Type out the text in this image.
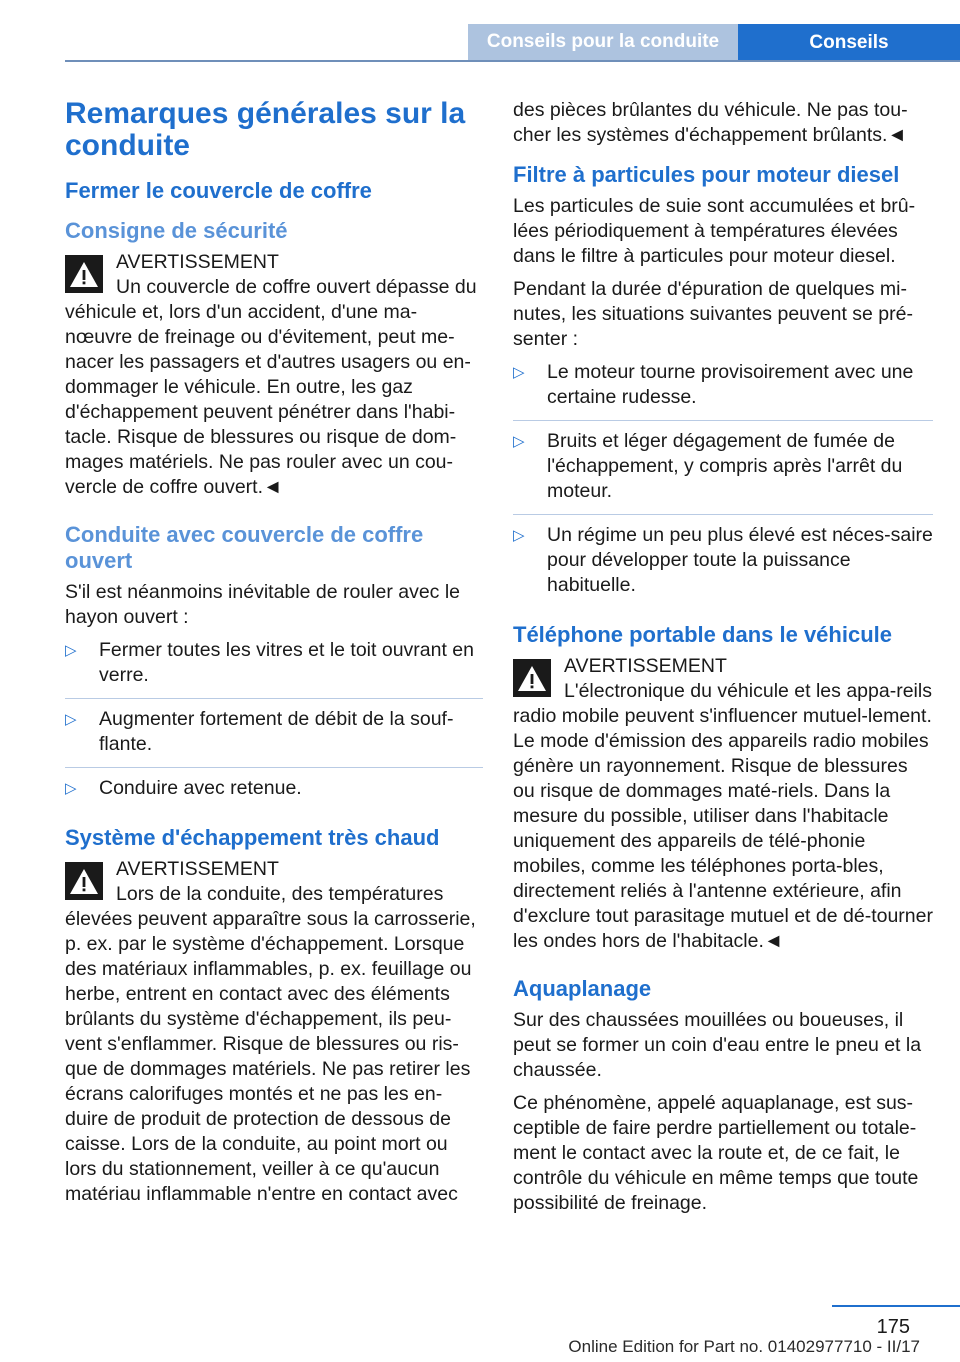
Conseils pour la conduite	Conseils
Remarques générales sur la conduite
Fermer le couvercle de coffre
Consigne de sécurité
AVERTISSEMENT
Un couvercle de coffre ouvert dépasse du véhicule et, lors d'un accident, d'une ma-nœuvre de freinage ou d'évitement, peut me-nacer les passagers et d'autres usagers ou en-dommager le véhicule. En outre, les gaz d'échappement peuvent pénétrer dans l'habi-tacle. Risque de blessures ou risque de dom-mages matériels. Ne pas rouler avec un cou-vercle de coffre ouvert.◄
Conduite avec couvercle de coffre ouvert

S'il est néanmoins inévitable de rouler avec le hayon ouvert :

▷ Fermer toutes les vitres et le toit ouvrant en verre.
▷ Augmenter fortement de débit de la souf-flante.
▷ Conduire avec retenue.
Système d'échappement très chaud
AVERTISSEMENT
Lors de la conduite, des températures élevées peuvent apparaître sous la carrosserie, p. ex. par le système d'échappement. Lorsque des matériaux inflammables, p. ex. feuillage ou herbe, entrent en contact avec des éléments brûlants du système d'échappement, ils peu-vent s'enflammer. Risque de blessures ou ris-que de dommages matériels. Ne pas retirer les écrans calorifuges montés et ne pas les en-duire de produit de protection de dessous de caisse. Lors de la conduite, au point mort ou lors du stationnement, veiller à ce qu'aucun matériau inflammable n'entre en contact avec

des pièces brûlantes du véhicule. Ne pas tou-cher les systèmes d'échappement brûlants.◄

Filtre à particules pour moteur diesel

Les particules de suie sont accumulées et brû-lées périodiquement à températures élevées dans le filtre à particules pour moteur diesel.

Pendant la durée d'épuration de quelques mi-nutes, les situations suivantes peuvent se pré-senter :

▷ Le moteur tourne provisoirement avec une certaine rudesse.
▷ Bruits et léger dégagement de fumée de l'échappement, y compris après l'arrêt du moteur.
▷ Un régime un peu plus élevé est néces-saire pour développer toute la puissance habituelle.
Téléphone portable dans le véhicule
AVERTISSEMENT
L'électronique du véhicule et les appa-reils radio mobile peuvent s'influencer mutuel-lement. Le mode d'émission des appareils radio mobiles génère un rayonnement. Risque de blessures ou risque de dommages maté-riels. Dans la mesure du possible, utiliser dans l'habitacle uniquement des appareils de télé-phonie mobiles, comme les téléphones porta-bles, directement reliés à l'antenne extérieure, afin d'exclure tout parasitage mutuel et de dé-tourner les ondes hors de l'habitacle.◄
Aquaplanage

Sur des chaussées mouillées ou boueuses, il peut se former un coin d'eau entre le pneu et la chaussée.

Ce phénomène, appelé aquaplanage, est sus-ceptible de faire perdre partiellement ou totale-ment le contact avec la route et, de ce fait, le contrôle du véhicule en même temps que toute possibilité de freinage.

175
Online Edition for Part no. 01402977710 - II/17
